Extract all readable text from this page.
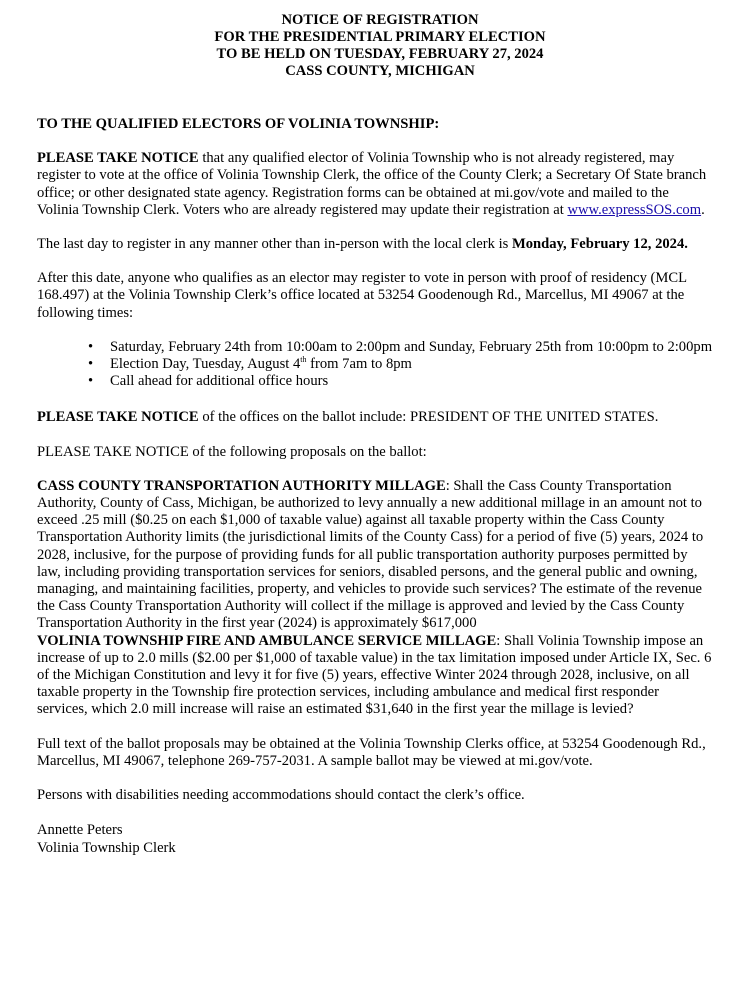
NOTICE OF REGISTRATION

FOR THE PRESIDENTIAL PRIMARY ELECTION

TO BE HELD ON TUESDAY, FEBRUARY 27, 2024

CASS COUNTY, MICHIGAN

TO THE QUALIFIED ELECTORS OF VOLINIA TOWNSHIP:

PLEASE TAKE NOTICE that any qualified elector of Volinia Township who is not already registered, may register to vote at the office of Volinia Township Clerk, the office of the County Clerk; a Secretary Of State branch office; or other designated state agency. Registration forms can be obtained at mi.gov/vote and mailed to the Volinia Township Clerk. Voters who are already registered may update their registration at www.expressSOS.com.

The last day to register in any manner other than in-person with the local clerk is Monday, February 12, 2024.

After this date, anyone who qualifies as an elector may register to vote in person with proof of residency (MCL 168.497) at the Volinia Township Clerk’s office located at 53254 Goodenough Rd., Marcellus, MI 49067 at the following times:

• Saturday, February 24th from 10:00am to 2:00pm and Sunday, February 25th from 10:00pm to 2:00pm
• Election Day, Tuesday, August 4th from 7am to 8pm
• Call ahead for additional office hours

PLEASE TAKE NOTICE of the offices on the ballot include: PRESIDENT OF THE UNITED STATES.

PLEASE TAKE NOTICE of the following proposals on the ballot:

CASS COUNTY TRANSPORTATION AUTHORITY MILLAGE: Shall the Cass County Transportation Authority, County of Cass, Michigan, be authorized to levy annually a new additional millage in an amount not to exceed .25 mill ($0.25 on each $1,000 of taxable value) against all taxable property within the Cass County Transportation Authority limits (the jurisdictional limits of the County Cass) for a period of five (5) years, 2024 to 2028, inclusive, for the purpose of providing funds for all public transportation authority purposes permitted by law, including providing transportation services for seniors, disabled persons, and the general public and owning, managing, and maintaining facilities, property, and vehicles to provide such services? The estimate of the revenue the Cass County Transportation Authority will collect if the millage is approved and levied by the Cass County Transportation Authority in the first year (2024) is approximately $617,000

VOLINIA TOWNSHIP FIRE AND AMBULANCE SERVICE MILLAGE: Shall Volinia Township impose an increase of up to 2.0 mills ($2.00 per $1,000 of taxable value) in the tax limitation imposed under Article IX, Sec. 6 of the Michigan Constitution and levy it for five (5) years, effective Winter 2024 through 2028, inclusive, on all taxable property in the Township fire protection services, including ambulance and medical first responder services, which 2.0 mill increase will raise an estimated $31,640 in the first year the millage is levied?

Full text of the ballot proposals may be obtained at the Volinia Township Clerks office, at 53254 Goodenough Rd., Marcellus, MI 49067, telephone 269-757-2031. A sample ballot may be viewed at mi.gov/vote.

Persons with disabilities needing accommodations should contact the clerk’s office.

Annette Peters

Volinia Township Clerk
